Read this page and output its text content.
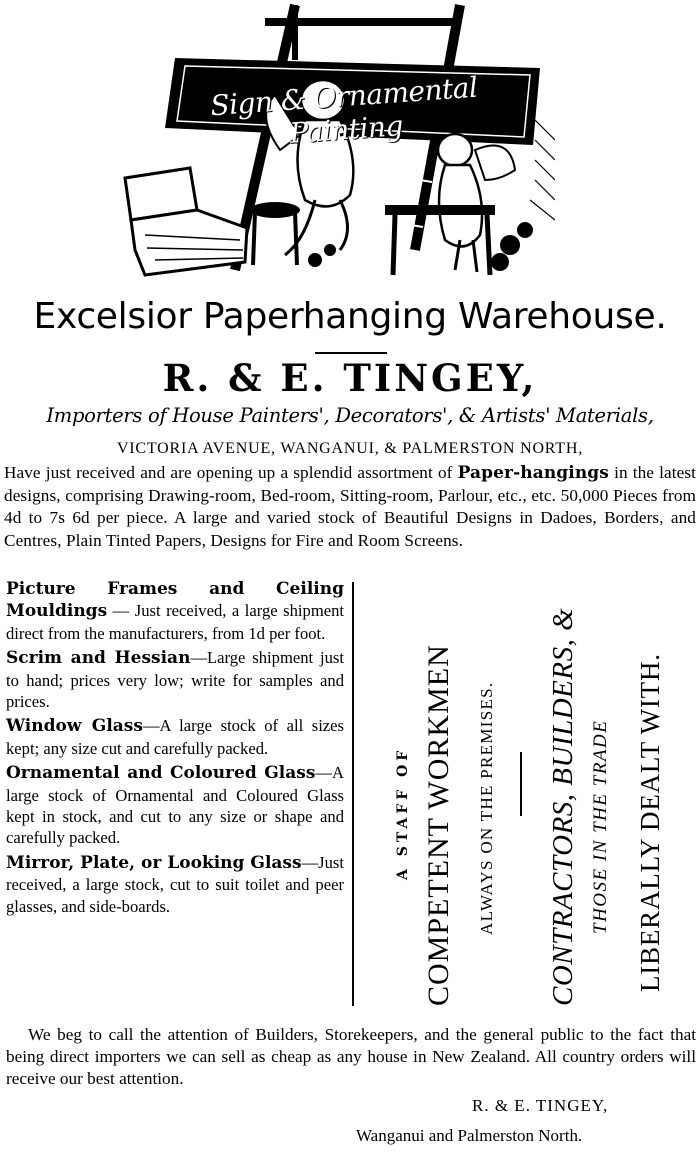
Sign & Ornamental Painting
Excelsior Paperhanging Warehouse.
R. & E. TINGEY,
Importers of House Painters', Decorators', & Artists' Materials,
VICTORIA AVENUE, WANGANUI, & PALMERSTON NORTH,

Have just received and are opening up a splendid assortment of Paper-hangings in the latest designs, comprising Drawing-room, Bed-room, Sitting-room, Parlour, etc., etc. 50,000 Pieces from 4d to 7s 6d per piece. A large and varied stock of Beautiful Designs in Dadoes, Borders, and Centres, Plain Tinted Papers, Designs for Fire and Room Screens.

Picture Frames and Ceiling Mouldings — Just received, a large shipment direct from the manufacturers, from 1d per foot.

Scrim and Hessian—Large shipment just to hand; prices very low; write for samples and prices.

Window Glass—A large stock of all sizes kept; any size cut and carefully packed.

Ornamental and Coloured Glass—A large stock of Ornamental and Coloured Glass kept in stock, and cut to any size or shape and carefully packed.

Mirror, Plate, or Looking Glass—Just received, a large stock, cut to suit toilet and peer glasses, and side-boards.

A STAFF OF COMPETENT WORKMEN ALWAYS ON THE PREMISES. CONTRACTORS, BUILDERS, & THOSE IN THE TRADE LIBERALLY DEALT WITH.

We beg to call the attention of Builders, Storekeepers, and the general public to the fact that being direct importers we can sell as cheap as any house in New Zealand. All country orders will receive our best attention.

R. & E. TINGEY,
Wanganui and Palmerston North.
